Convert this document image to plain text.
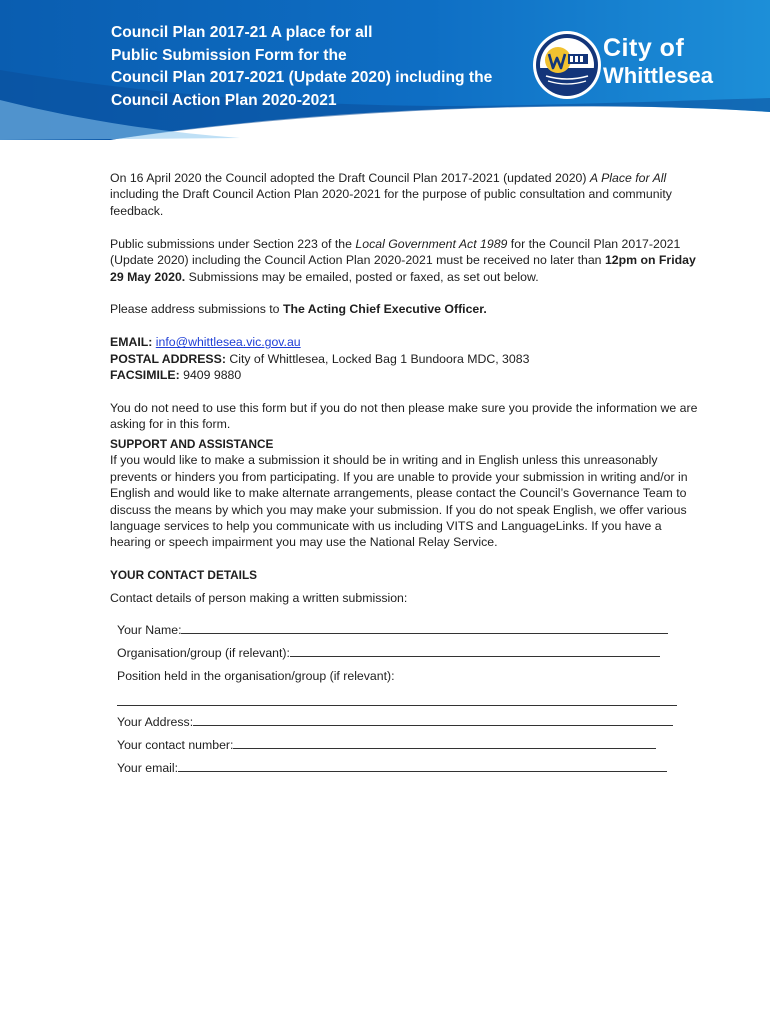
Council Plan 2017-21 A place for all
Public Submission Form for the
Council Plan 2017-2021 (Update 2020) including the
Council Action Plan 2020-2021
City of
Whittlesea

On 16 April 2020 the Council adopted the Draft Council Plan 2017-2021 (updated 2020) A Place for All including the Draft Council Action Plan 2020-2021 for the purpose of public consultation and community feedback.

Public submissions under Section 223 of the Local Government Act 1989 for the Council Plan 2017-2021 (Update 2020) including the Council Action Plan 2020-2021 must be received no later than 12pm on Friday 29 May 2020. Submissions may be emailed, posted or faxed, as set out below.

Please address submissions to The Acting Chief Executive Officer.

EMAIL: info@whittlesea.vic.gov.au

POSTAL ADDRESS: City of Whittlesea, Locked Bag 1 Bundoora MDC, 3083

FACSIMILE: 9409 9880

You do not need to use this form but if you do not then please make sure you provide the information we are asking for in this form.

SUPPORT AND ASSISTANCE

If you would like to make a submission it should be in writing and in English unless this unreasonably prevents or hinders you from participating. If you are unable to provide your submission in writing and/or in English and would like to make alternate arrangements, please contact the Council’s Governance Team to discuss the means by which you may make your submission. If you do not speak English, we offer various language services to help you communicate with us including VITS and LanguageLinks. If you have a hearing or speech impairment you may use the National Relay Service.

YOUR CONTACT DETAILS

Contact details of person making a written submission:

Your Name:
Organisation/group (if relevant):
Position held in the organisation/group (if relevant):
Your Address:
Your contact number:
Your email:
